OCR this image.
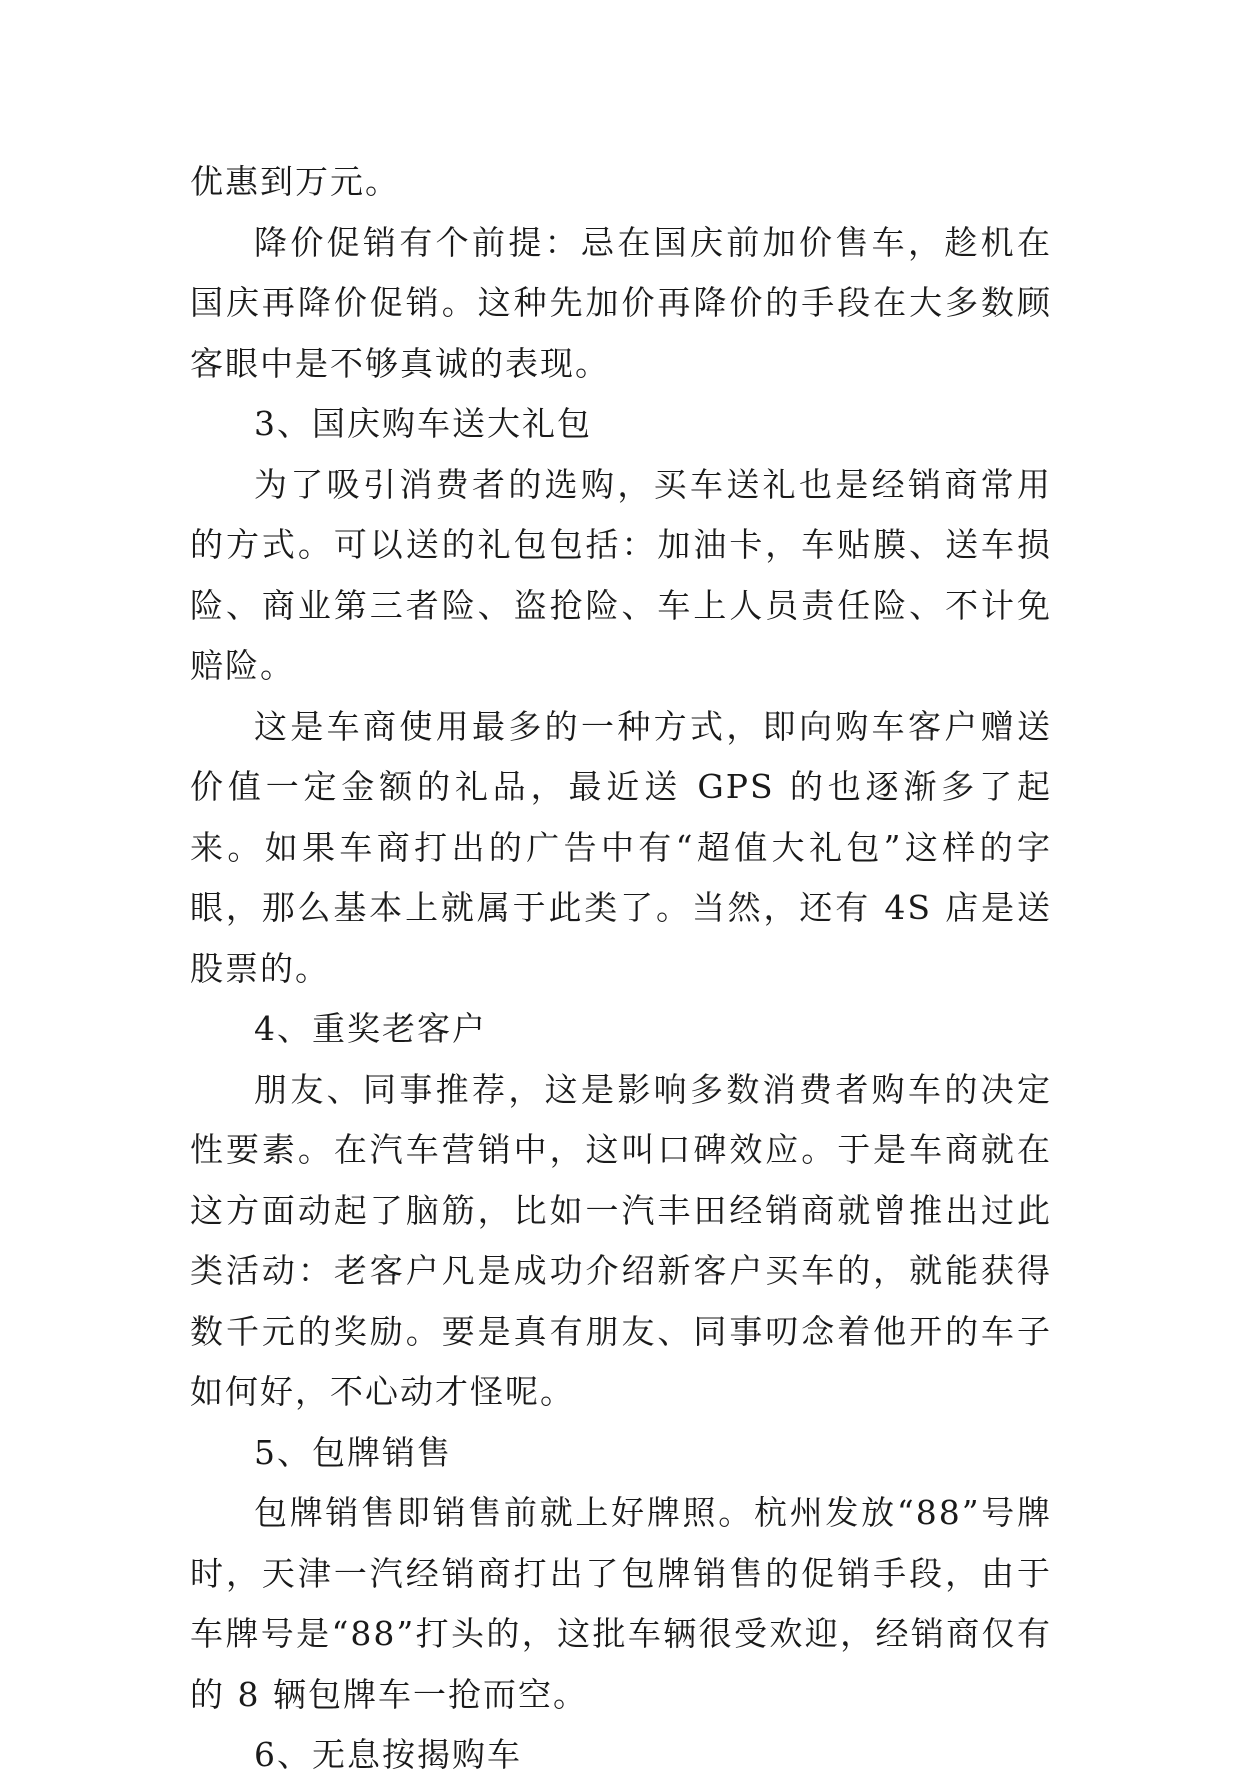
优惠到万元。

降价促销有个前提：忌在国庆前加价售车，趁机在国庆再降价促销。这种先加价再降价的手段在大多数顾客眼中是不够真诚的表现。

3、国庆购车送大礼包

为了吸引消费者的选购，买车送礼也是经销商常用的方式。可以送的礼包包括：加油卡，车贴膜、送车损险、商业第三者险、盗抢险、车上人员责任险、不计免赔险。

这是车商使用最多的一种方式，即向购车客户赠送价值一定金额的礼品，最近送 GPS 的也逐渐多了起来。如果车商打出的广告中有“超值大礼包”这样的字眼，那么基本上就属于此类了。当然，还有 4S 店是送股票的。

4、重奖老客户

朋友、同事推荐，这是影响多数消费者购车的决定性要素。在汽车营销中，这叫口碑效应。于是车商就在这方面动起了脑筋，比如一汽丰田经销商就曾推出过此类活动：老客户凡是成功介绍新客户买车的，就能获得数千元的奖励。要是真有朋友、同事叨念着他开的车子如何好，不心动才怪呢。

5、包牌销售

包牌销售即销售前就上好牌照。杭州发放“88”号牌时，天津一汽经销商打出了包牌销售的促销手段，由于车牌号是“88”打头的，这批车辆很受欢迎，经销商仅有的 8 辆包牌车一抢而空。

6、无息按揭购车
